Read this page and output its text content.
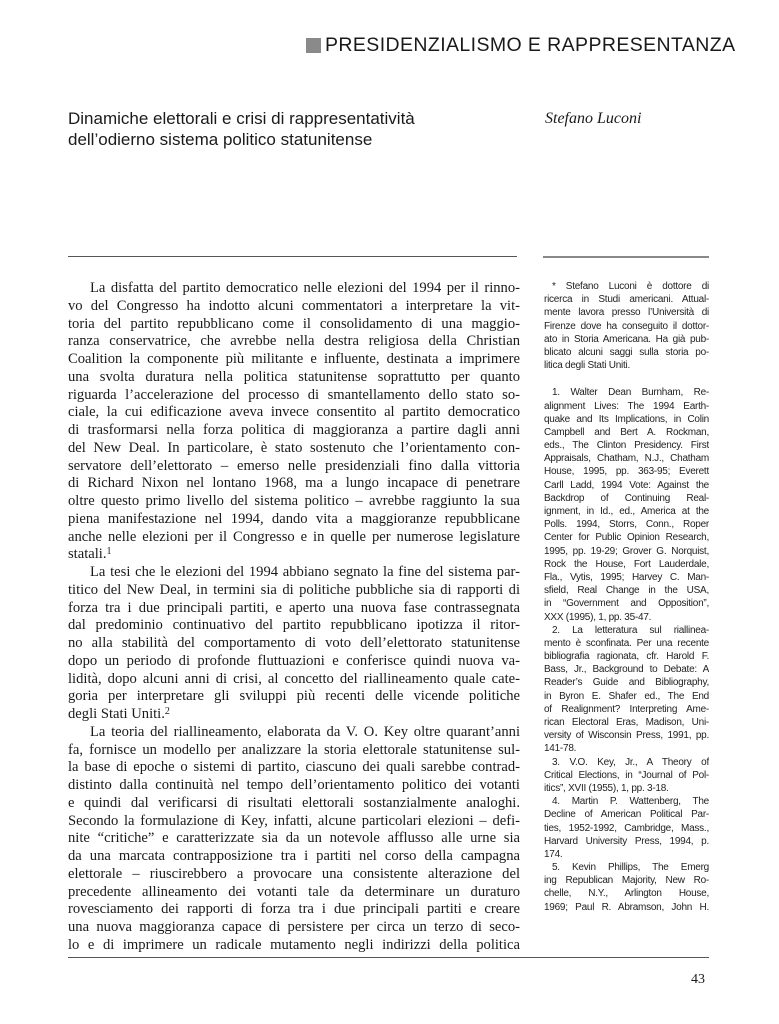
PRESIDENZIALISMO E RAPPRESENTANZA
Dinamiche elettorali e crisi di rappresentatività
dell’odierno sistema politico statunitense
Stefano Luconi
La disfatta del partito democratico nelle elezioni del 1994 per il rinno-
vo del Congresso ha indotto alcuni commentatori a interpretare la vit-
toria del partito repubblicano come il consolidamento di una maggio-
ranza conservatrice, che avrebbe nella destra religiosa della Christian
Coalition la componente più militante e influente, destinata a imprimere
una svolta duratura nella politica statunitense soprattutto per quanto
riguarda l’accelerazione del processo di smantellamento dello stato so-
ciale, la cui edificazione aveva invece consentito al partito democratico
di trasformarsi nella forza politica di maggioranza a partire dagli anni
del New Deal. In particolare, è stato sostenuto che l’orientamento con-
servatore dell’elettorato – emerso nelle presidenziali fino dalla vittoria
di Richard Nixon nel lontano 1968, ma a lungo incapace di penetrare
oltre questo primo livello del sistema politico – avrebbe raggiunto la sua
piena manifestazione nel 1994, dando vita a maggioranze repubblicane
anche nelle elezioni per il Congresso e in quelle per numerose legislature
statali.$^1$
La tesi che le elezioni del 1994 abbiano segnato la fine del sistema par-
titico del New Deal, in termini sia di politiche pubbliche sia di rapporti di
forza tra i due principali partiti, e aperto una nuova fase contrassegnata
dal predominio continuativo del partito repubblicano ipotizza il ritor-
no alla stabilità del comportamento di voto dell’elettorato statunitense
dopo un periodo di profonde fluttuazioni e conferisce quindi nuova va-
lidità, dopo alcuni anni di crisi, al concetto del riallineamento quale cate-
goria per interpretare gli sviluppi più recenti delle vicende politiche
degli Stati Uniti.$^2$
La teoria del riallineamento, elaborata da V. O. Key oltre quarant’anni
fa, fornisce un modello per analizzare la storia elettorale statunitense sul-
la base di epoche o sistemi di partito, ciascuno dei quali sarebbe contrad-
distinto dalla continuità nel tempo dell’orientamento politico dei votanti
e quindi dal verificarsi di risultati elettorali sostanzialmente analoghi.
Secondo la formulazione di Key, infatti, alcune particolari elezioni – defi-
nite “critiche” e caratterizzate sia da un notevole afflusso alle urne sia
da una marcata contrapposizione tra i partiti nel corso della campagna
elettorale – riuscirebbero a provocare una consistente alterazione del
precedente allineamento dei votanti tale da determinare un duraturo
rovesciamento dei rapporti di forza tra i due principali partiti e creare
una nuova maggioranza capace di persistere per circa un terzo di seco-
lo e di imprimere un radicale mutamento negli indirizzi della politica
* Stefano Luconi è dottore di
ricerca in Studi americani. Attual-
mente lavora presso l’Università di
Firenze dove ha conseguito il dottor-
ato in Storia Americana. Ha già pub-
blicato alcuni saggi sulla storia po-
litica degli Stati Uniti.
1. Walter Dean Burnham, Re-
alignment Lives: The 1994 Earth-
quake and Its Implications, in Colin
Campbell and Bert A. Rockman,
eds., The Clinton Presidency. First
Appraisals, Chatham, N.J., Chatham
House, 1995, pp. 363-95; Everett
Carll Ladd, 1994 Vote: Against the
Backdrop of Continuing Real-
ignment, in Id., ed., America at the
Polls. 1994, Storrs, Conn., Roper
Center for Public Opinion Research,
1995, pp. 19-29; Grover G. Norquist,
Rock the House, Fort Lauderdale,
Fla., Vytis, 1995; Harvey C. Man-
sfield, Real Change in the USA,
in “Government and Opposition”,
XXX (1995), 1, pp. 35-47.
2. La letteratura sul riallinea-
mento è sconfinata. Per una recente
bibliografia ragionata, cfr. Harold F.
Bass, Jr., Background to Debate: A
Reader’s Guide and Bibliography,
in Byron E. Shafer ed., The End
of Realignment? Interpreting Ame-
rican Electoral Eras, Madison, Uni-
versity of Wisconsin Press, 1991, pp.
141-78.
3. V.O. Key, Jr., A Theory of
Critical Elections, in “Journal of Pol-
itics”, XVII (1955), 1, pp. 3-18.
4. Martin P. Wattenberg, The
Decline of American Political Par-
ties, 1952-1992, Cambridge, Mass.,
Harvard University Press, 1994, p.
174.
5. Kevin Phillips, The Emerg
ing Republican Majority, New Ro-
chelle, N.Y., Arlington House,
1969; Paul R. Abramson, John H.
43
